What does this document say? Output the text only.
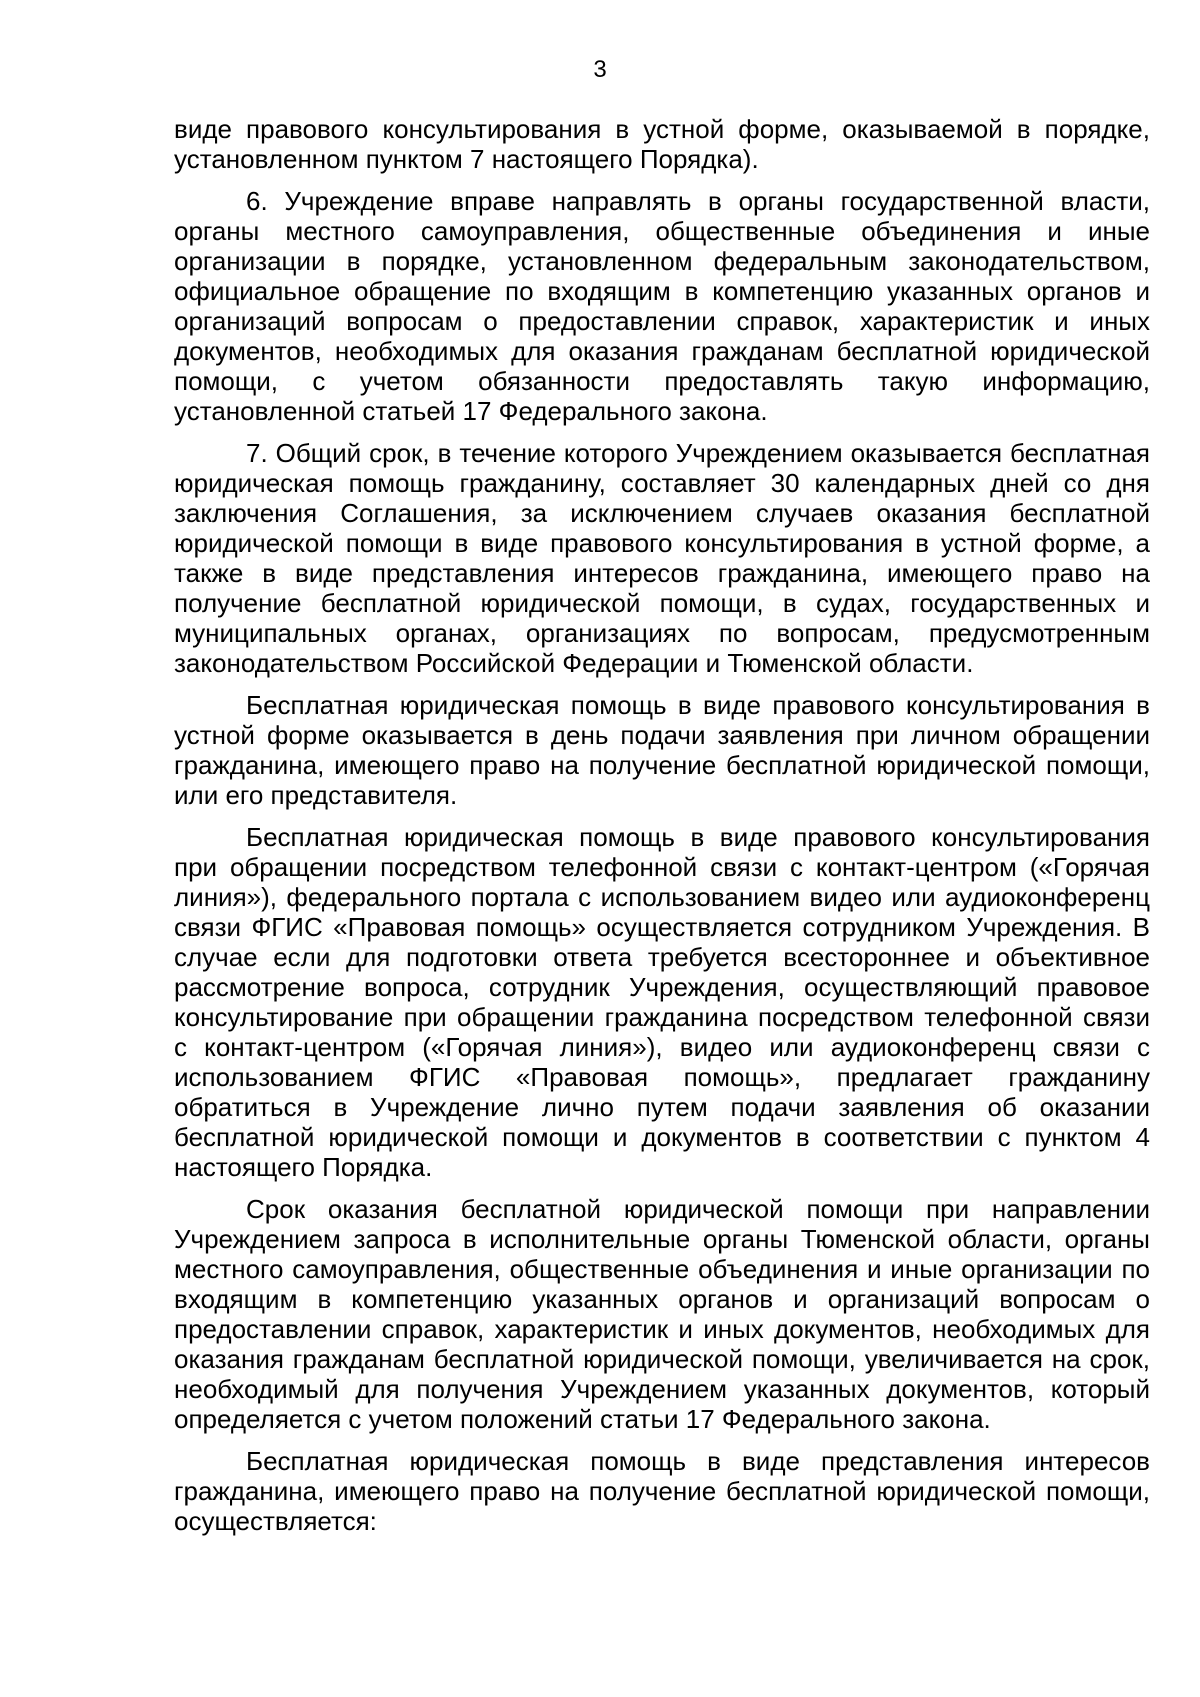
3

виде правового консультирования в устной форме, оказываемой в порядке, установленном пунктом 7 настоящего Порядка).

6. Учреждение вправе направлять в органы государственной власти, органы местного самоуправления, общественные объединения и иные организации в порядке, установленном федеральным законодательством, официальное обращение по входящим в компетенцию указанных органов и организаций вопросам о предоставлении справок, характеристик и иных документов, необходимых для оказания гражданам бесплатной юридической помощи, с учетом обязанности предоставлять такую информацию, установленной статьей 17 Федерального закона.

7. Общий срок, в течение которого Учреждением оказывается бесплатная юридическая помощь гражданину, составляет 30 календарных дней со дня заключения Соглашения, за исключением случаев оказания бесплатной юридической помощи в виде правового консультирования в устной форме, а также в виде представления интересов гражданина, имеющего право на получение бесплатной юридической помощи, в судах, государственных и муниципальных органах, организациях по вопросам, предусмотренным законодательством Российской Федерации и Тюменской области.

Бесплатная юридическая помощь в виде правового консультирования в устной форме оказывается в день подачи заявления при личном обращении гражданина, имеющего право на получение бесплатной юридической помощи, или его представителя.

Бесплатная юридическая помощь в виде правового консультирования при обращении посредством телефонной связи с контакт-центром («Горячая линия»), федерального портала с использованием видео или аудиоконференц связи ФГИС «Правовая помощь» осуществляется сотрудником Учреждения. В случае если для подготовки ответа требуется всестороннее и объективное рассмотрение вопроса, сотрудник Учреждения, осуществляющий правовое консультирование при обращении гражданина посредством телефонной связи с контакт-центром («Горячая линия»), видео или аудиоконференц связи с использованием ФГИС «Правовая помощь», предлагает гражданину обратиться в Учреждение лично путем подачи заявления об оказании бесплатной юридической помощи и документов в соответствии с пунктом 4 настоящего Порядка.

Срок оказания бесплатной юридической помощи при направлении Учреждением запроса в исполнительные органы Тюменской области, органы местного самоуправления, общественные объединения и иные организации по входящим в компетенцию указанных органов и организаций вопросам о предоставлении справок, характеристик и иных документов, необходимых для оказания гражданам бесплатной юридической помощи, увеличивается на срок, необходимый для получения Учреждением указанных документов, который определяется с учетом положений статьи 17 Федерального закона.

Бесплатная юридическая помощь в виде представления интересов гражданина, имеющего право на получение бесплатной юридической помощи, осуществляется:
